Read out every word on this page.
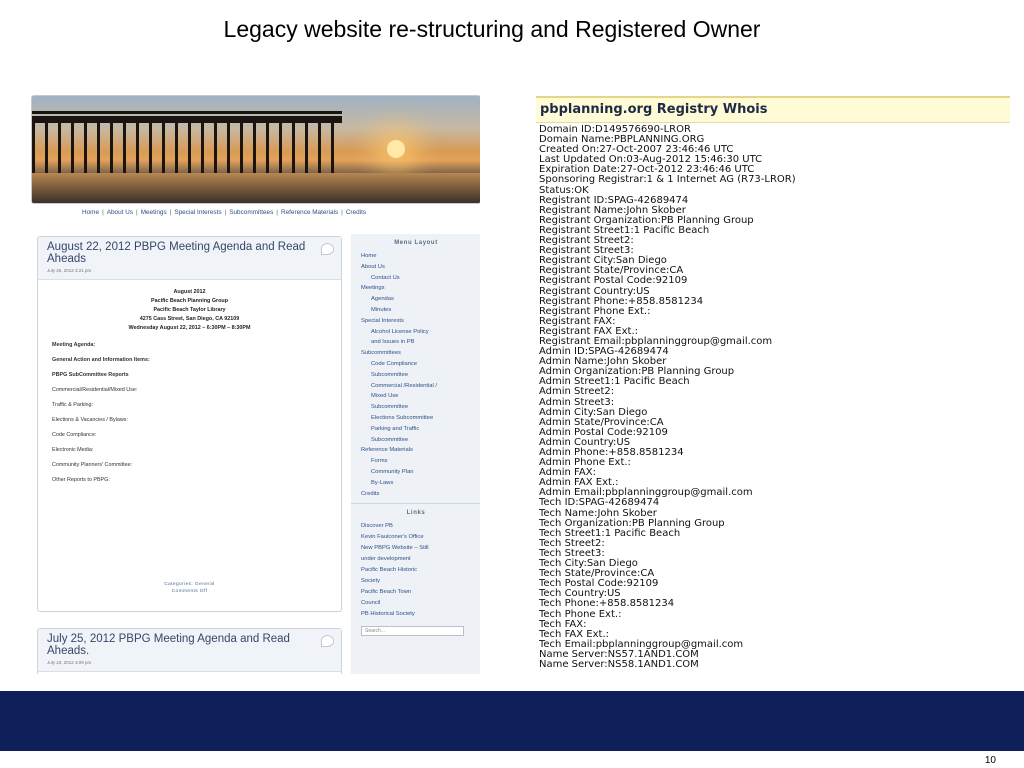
Legacy website re-structuring and Registered Owner
Home | About Us | Meetings | Special Interests | Subcommittees | Reference Materials | Credits
August 22, 2012 PBPG Meeting Agenda and Read Aheads
July 26, 2012 3:21 pm
August 2012
Pacific Beach Planning Group
Pacific Beach Taylor Library
4275 Cass Street, San Diego, CA 92109
Wednesday August 22, 2012 – 6:30PM – 8:30PM
Meeting Agenda:
General Action and Information Items:
PBPG SubCommittee Reports
Commercial/Residential/Mixed Use:
Traffic & Parking:
Elections & Vacancies / Bylaws:
Code Compliance:
Electronic Media:
Community Planners' Committee:
Other Reports to PBPG:
Categories: General
Comments Off
July 25, 2012 PBPG Meeting Agenda and Read Aheads.
July 23, 2012 3:09 pm
Menu Layout
Home
About Us
Contact Us
Meetings
Agendas
Minutes
Special Interests
Alcohol License Policy
and Issues in PB
Subcommittees
Code Compliance
Subcommittee
Commercial /Residential /
Mixed Use
Subcommittee
Elections Subcommittee
Parking and Traffic
Subcommittee
Reference Materials
Forms
Community Plan
By-Laws
Credits
Links
Discover PB
Kevin Faulconer's Office
New PBPG Website – Still
under development
Pacific Beach Historic
Society
Pacific Beach Town
Council
PB Historical Society
Search...
pbplanning.org Registry Whois
Domain ID:D149576690-LROR
Domain Name:PBPLANNING.ORG
Created On:27-Oct-2007 23:46:46 UTC
Last Updated On:03-Aug-2012 15:46:30 UTC
Expiration Date:27-Oct-2012 23:46:46 UTC
Sponsoring Registrar:1 & 1 Internet AG (R73-LROR)
Status:OK
Registrant ID:SPAG-42689474
Registrant Name:John Skober
Registrant Organization:PB Planning Group
Registrant Street1:1 Pacific Beach
Registrant Street2:
Registrant Street3:
Registrant City:San Diego
Registrant State/Province:CA
Registrant Postal Code:92109
Registrant Country:US
Registrant Phone:+858.8581234
Registrant Phone Ext.:
Registrant FAX:
Registrant FAX Ext.:
Registrant Email:pbplanninggroup@gmail.com
Admin ID:SPAG-42689474
Admin Name:John Skober
Admin Organization:PB Planning Group
Admin Street1:1 Pacific Beach
Admin Street2:
Admin Street3:
Admin City:San Diego
Admin State/Province:CA
Admin Postal Code:92109
Admin Country:US
Admin Phone:+858.8581234
Admin Phone Ext.:
Admin FAX:
Admin FAX Ext.:
Admin Email:pbplanninggroup@gmail.com
Tech ID:SPAG-42689474
Tech Name:John Skober
Tech Organization:PB Planning Group
Tech Street1:1 Pacific Beach
Tech Street2:
Tech Street3:
Tech City:San Diego
Tech State/Province:CA
Tech Postal Code:92109
Tech Country:US
Tech Phone:+858.8581234
Tech Phone Ext.:
Tech FAX:
Tech FAX Ext.:
Tech Email:pbplanninggroup@gmail.com
Name Server:NS57.1AND1.COM
Name Server:NS58.1AND1.COM
10
